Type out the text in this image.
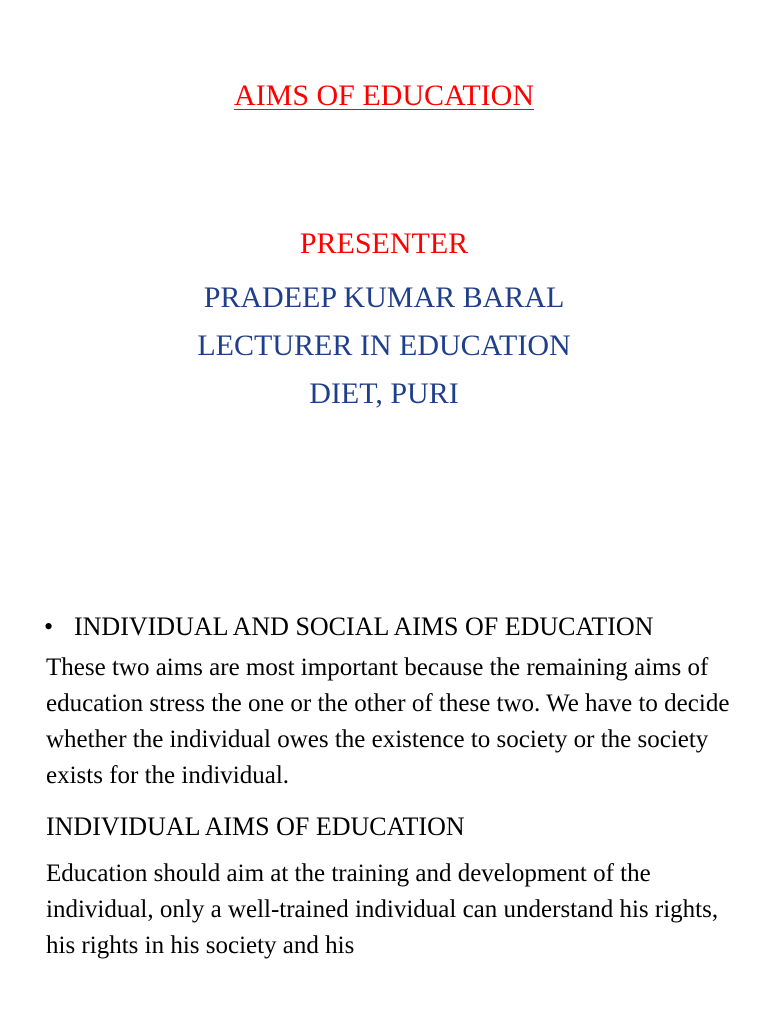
AIMS OF EDUCATION
PRESENTER
PRADEEP KUMAR BARAL
LECTURER IN EDUCATION
DIET, PURI
• INDIVIDUAL AND SOCIAL AIMS OF EDUCATION
These two aims are most important because the remaining aims of education stress the one or the other of these two. We have to decide whether the individual owes the existence to society or the society exists for the individual.
INDIVIDUAL AIMS OF EDUCATION
Education should aim at the training and development of the individual, only a well-trained individual can understand his rights, his rights in his society and his
